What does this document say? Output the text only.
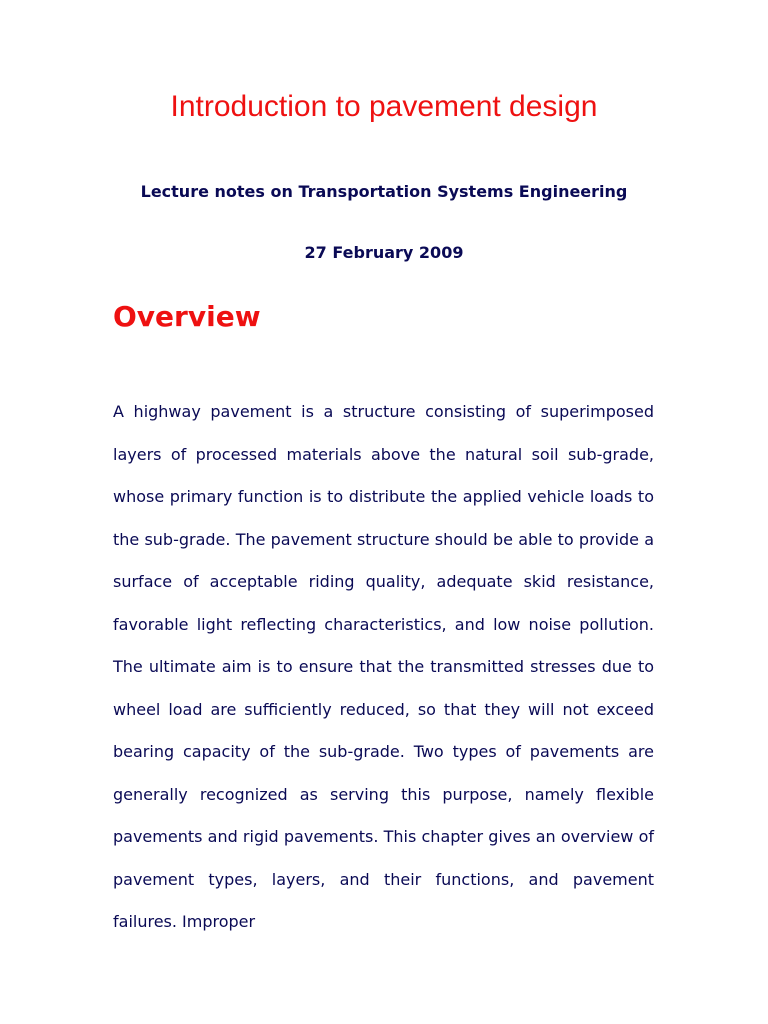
Introduction to pavement design

Lecture notes on Transportation Systems Engineering

27 February 2009

Overview

A highway pavement is a structure consisting of superimposed layers of processed materials above the natural soil sub-grade, whose primary function is to distribute the applied vehicle loads to the sub-grade. The pavement structure should be able to provide a surface of acceptable riding quality, adequate skid resistance, favorable light reflecting characteristics, and low noise pollution. The ultimate aim is to ensure that the transmitted stresses due to wheel load are sufficiently reduced, so that they will not exceed bearing capacity of the sub-grade. Two types of pavements are generally recognized as serving this purpose, namely flexible pavements and rigid pavements. This chapter gives an overview of pavement types, layers, and their functions, and pavement failures. Improper
